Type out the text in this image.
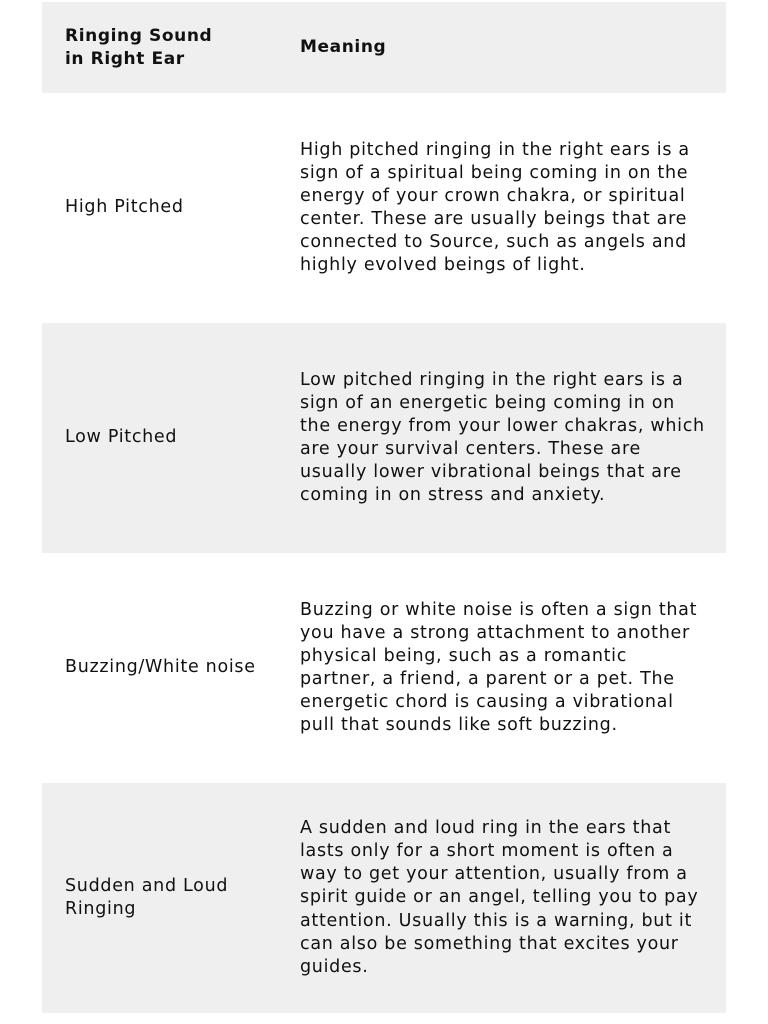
Ringing Sound in Right Ear
Meaning
High Pitched
High pitched ringing in the right ears is a sign of a spiritual being coming in on the energy of your crown chakra, or spiritual center. These are usually beings that are connected to Source, such as angels and highly evolved beings of light.
Low Pitched
Low pitched ringing in the right ears is a sign of an energetic being coming in on the energy from your lower chakras, which are your survival centers. These are usually lower vibrational beings that are coming in on stress and anxiety.
Buzzing/White noise
Buzzing or white noise is often a sign that you have a strong attachment to another physical being, such as a romantic partner, a friend, a parent or a pet. The energetic chord is causing a vibrational pull that sounds like soft buzzing.
Sudden and Loud Ringing
A sudden and loud ring in the ears that lasts only for a short moment is often a way to get your attention, usually from a spirit guide or an angel, telling you to pay attention. Usually this is a warning, but it can also be something that excites your guides.
